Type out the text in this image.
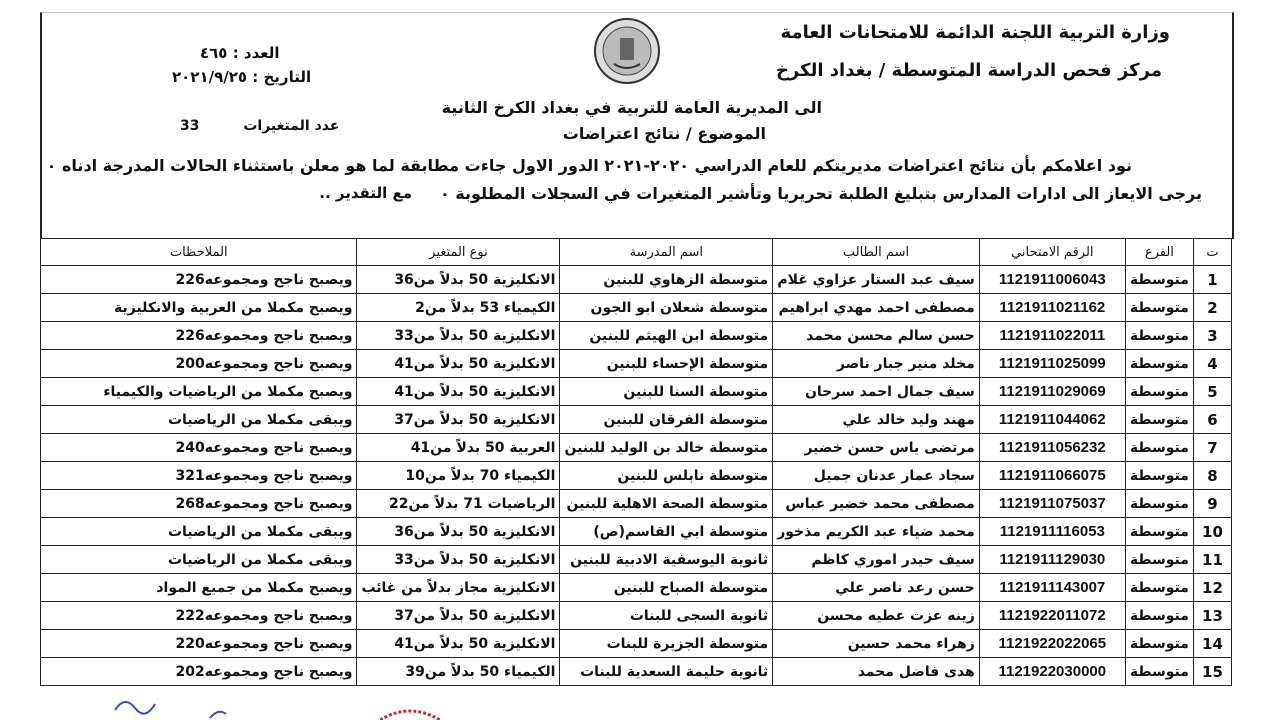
وزارة التربية اللجنة الدائمة للامتحانات العامة
مركز فحص الدراسة المتوسطة / بغداد الكرخ
العدد : ٤٦٥
التاريخ : ٢٠٢١/٩/٢٥
عدد المتغيرات         33
الى المديرية العامة للتربية في بغداد الكرخ الثانية
الموضوع / نتائج اعتراضات
نود اعلامكم بأن نتائج اعتراضات مديريتكم للعام الدراسي ٢٠٢٠-٢٠٢١ الدور الاول جاءت مطابقة لما هو معلن باستثناء الحالات المدرجة ادناه ٠
يرجى الايعاز الى ادارات المدارس بتبليغ الطلبة تحريريا وتأشير المتغيرات في السجلات المطلوبة ٠
مع التقدير ..
ت	الفرع	الرقم الامتحاني	اسم الطالب	اسم المدرسة	نوع المتغير	الملاحظات
1	متوسطة	1121911006043	سيف عبد الستار عزاوي غلام	متوسطة الزهاوي للبنين	الانكليزية 50 بدلاً من36	ويصبح ناجح ومجموعه226
2	متوسطة	1121911021162	مصطفى احمد مهدي ابراهيم	متوسطة شعلان ابو الجون	الكيمياء 53 بدلاً من2	ويصبح مكملا من العربية والانكليزية
3	متوسطة	1121911022011	حسن سالم محسن محمد	متوسطة ابن الهيثم للبنين	الانكليزية 50 بدلاً من33	ويصبح ناجح ومجموعه226
4	متوسطة	1121911025099	مخلد منير جبار ناصر	متوسطة الإحساء للبنين	الانكليزية 50 بدلاً من41	ويصبح ناجح ومجموعه200
5	متوسطة	1121911029069	سيف جمال احمد سرحان	متوسطة السنا للبنين	الانكليزية 50 بدلاً من41	ويصبح مكملا من الرياضيات والكيمياء
6	متوسطة	1121911044062	مهند وليد خالد علي	متوسطة الفرقان للبنين	الانكليزية 50 بدلاً من37	ويبقى مكملا من الرياضيات
7	متوسطة	1121911056232	مرتضى ياس حسن خضير	متوسطة خالد بن الوليد للبنين	العربية 50 بدلاً من41	ويصبح ناجح ومجموعه240
8	متوسطة	1121911066075	سجاد عمار عدنان جميل	متوسطة نابلس للبنين	الكيمياء 70 بدلاً من10	ويصبح ناجح ومجموعه321
9	متوسطة	1121911075037	مصطفى محمد خضير عباس	متوسطة الصحة الاهلية للبنين	الرياضيات 71 بدلاً من22	ويصبح ناجح ومجموعه268
10	متوسطة	1121911116053	محمد ضياء عبد الكريم مذخور	متوسطة ابي القاسم(ص)	الانكليزية 50 بدلاً من36	ويبقى مكملا من الرياضيات
11	متوسطة	1121911129030	سيف حيدر اموري كاظم	ثانوية اليوسفية الادبية للبنين	الانكليزية 50 بدلاً من33	ويبقى مكملا من الرياضيات
12	متوسطة	1121911143007	حسن رعد ناصر علي	متوسطة الصباح للبنين	الانكليزية مجاز بدلاً من غائب	ويصبح مكملا من جميع المواد
13	متوسطة	1121922011072	زينه عزت عطيه محسن	ثانوية السجى للبنات	الانكليزية 50 بدلاً من37	ويصبح ناجح ومجموعه222
14	متوسطة	1121922022065	زهراء محمد حسين	متوسطة الجزيرة للبنات	الانكليزية 50 بدلاً من41	ويصبح ناجح ومجموعه220
15	متوسطة	1121922030000	هدى فاضل محمد	ثانوية حليمة السعدية للبنات	الكيمياء 50 بدلاً من39	ويصبح ناجح ومجموعه202
